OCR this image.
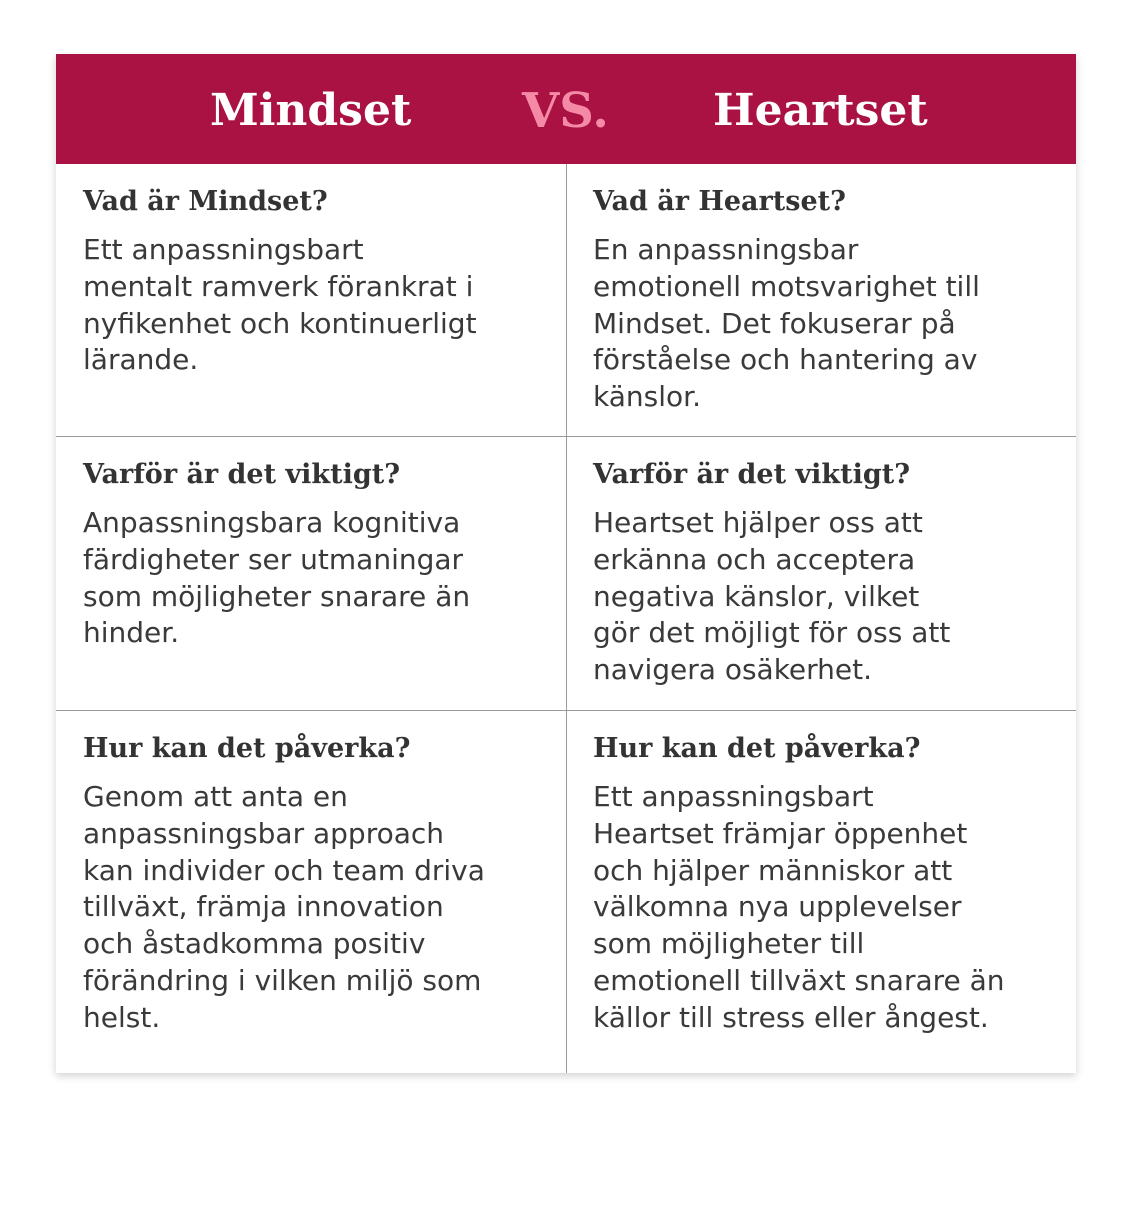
Mindset VS. Heartset
Vad är Mindset?
Ett anpassningsbart
mentalt ramverk förankrat i
nyfikenhet och kontinuerligt
lärande.
Vad är Heartset?
En anpassningsbar
emotionell motsvarighet till
Mindset. Det fokuserar på
förståelse och hantering av
känslor.
Varför är det viktigt?
Anpassningsbara kognitiva
färdigheter ser utmaningar
som möjligheter snarare än
hinder.
Varför är det viktigt?
Heartset hjälper oss att
erkänna och acceptera
negativa känslor, vilket
gör det möjligt för oss att
navigera osäkerhet.
Hur kan det påverka?
Genom att anta en
anpassningsbar approach
kan individer och team driva
tillväxt, främja innovation
och åstadkomma positiv
förändring i vilken miljö som
helst.
Hur kan det påverka?
Ett anpassningsbart
Heartset främjar öppenhet
och hjälper människor att
välkomna nya upplevelser
som möjligheter till
emotionell tillväxt snarare än
källor till stress eller ångest.
